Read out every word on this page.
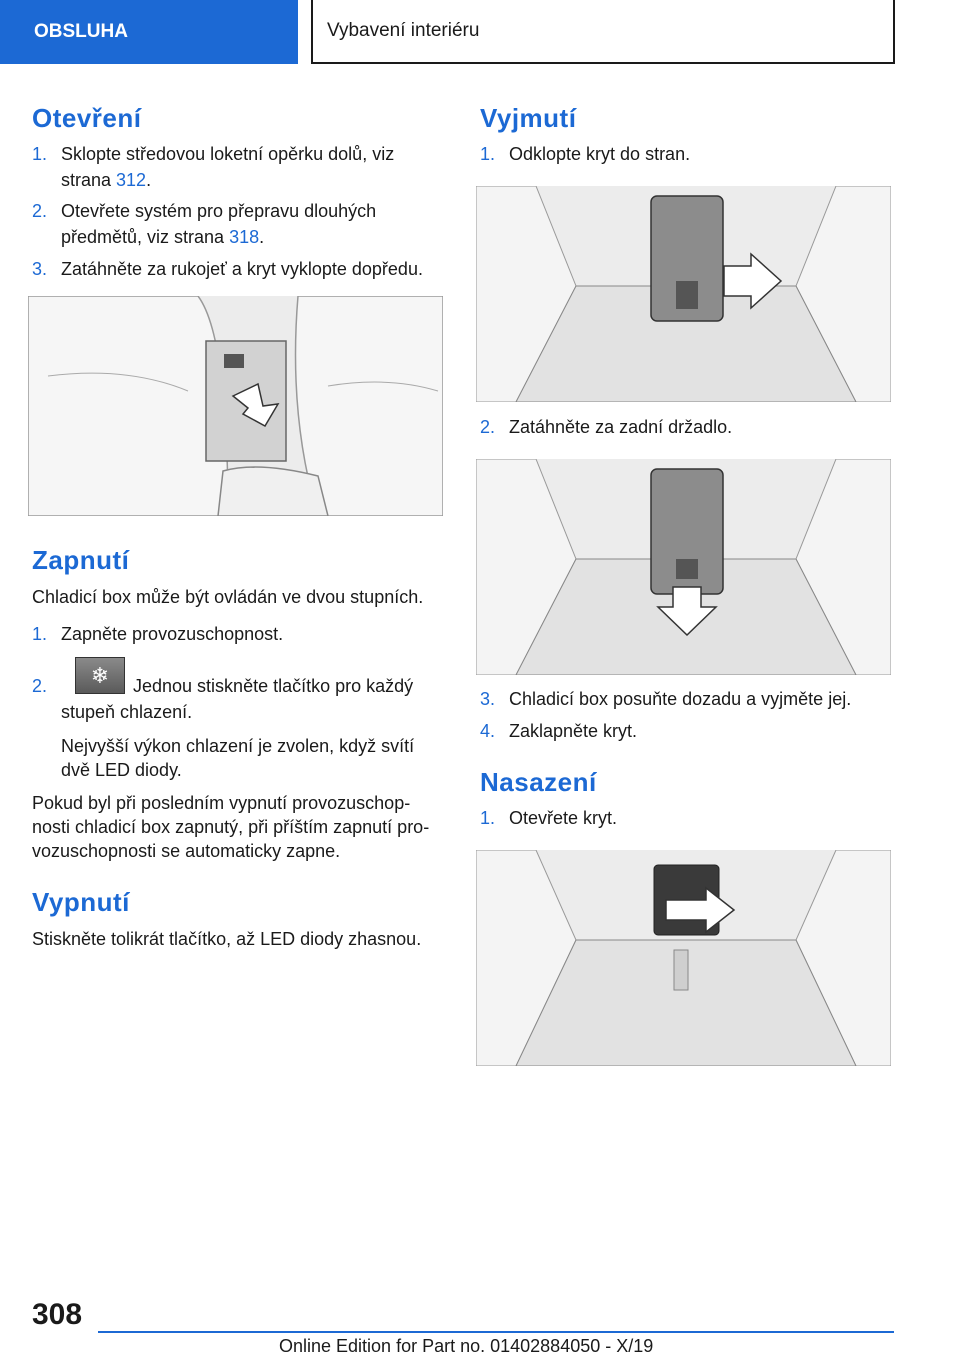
OBSLUHA	Vybavení interiéru
Otevření
1. Sklopte středovou loketní opěrku dolů, viz
strana 312.
2. Otevřete systém pro přepravu dlouhých
předmětů, viz strana 318.
3. Zatáhněte za rukojeť a kryt vyklopte dopředu.
Zapnutí
Chladicí box může být ovládán ve dvou stupních.
1. Zapněte provozuschopnost.
2.	❄	Jednou stiskněte tlačítko pro každý
stupeň chlazení.
Nejvyšší výkon chlazení je zvolen, když svítí
dvě LED diody.
Pokud byl při posledním vypnutí provozuschop-
nosti chladicí box zapnutý, při příštím zapnutí pro-
vozuschopnosti se automaticky zapne.
Vypnutí
Stiskněte tolikrát tlačítko, až LED diody zhasnou.
Vyjmutí
1. Odklopte kryt do stran.
2. Zatáhněte za zadní držadlo.
3. Chladicí box posuňte dozadu a vyjměte jej.
4. Zaklapněte kryt.
Nasazení
1. Otevřete kryt.
308
Online Edition for Part no. 01402884050 - X/19
